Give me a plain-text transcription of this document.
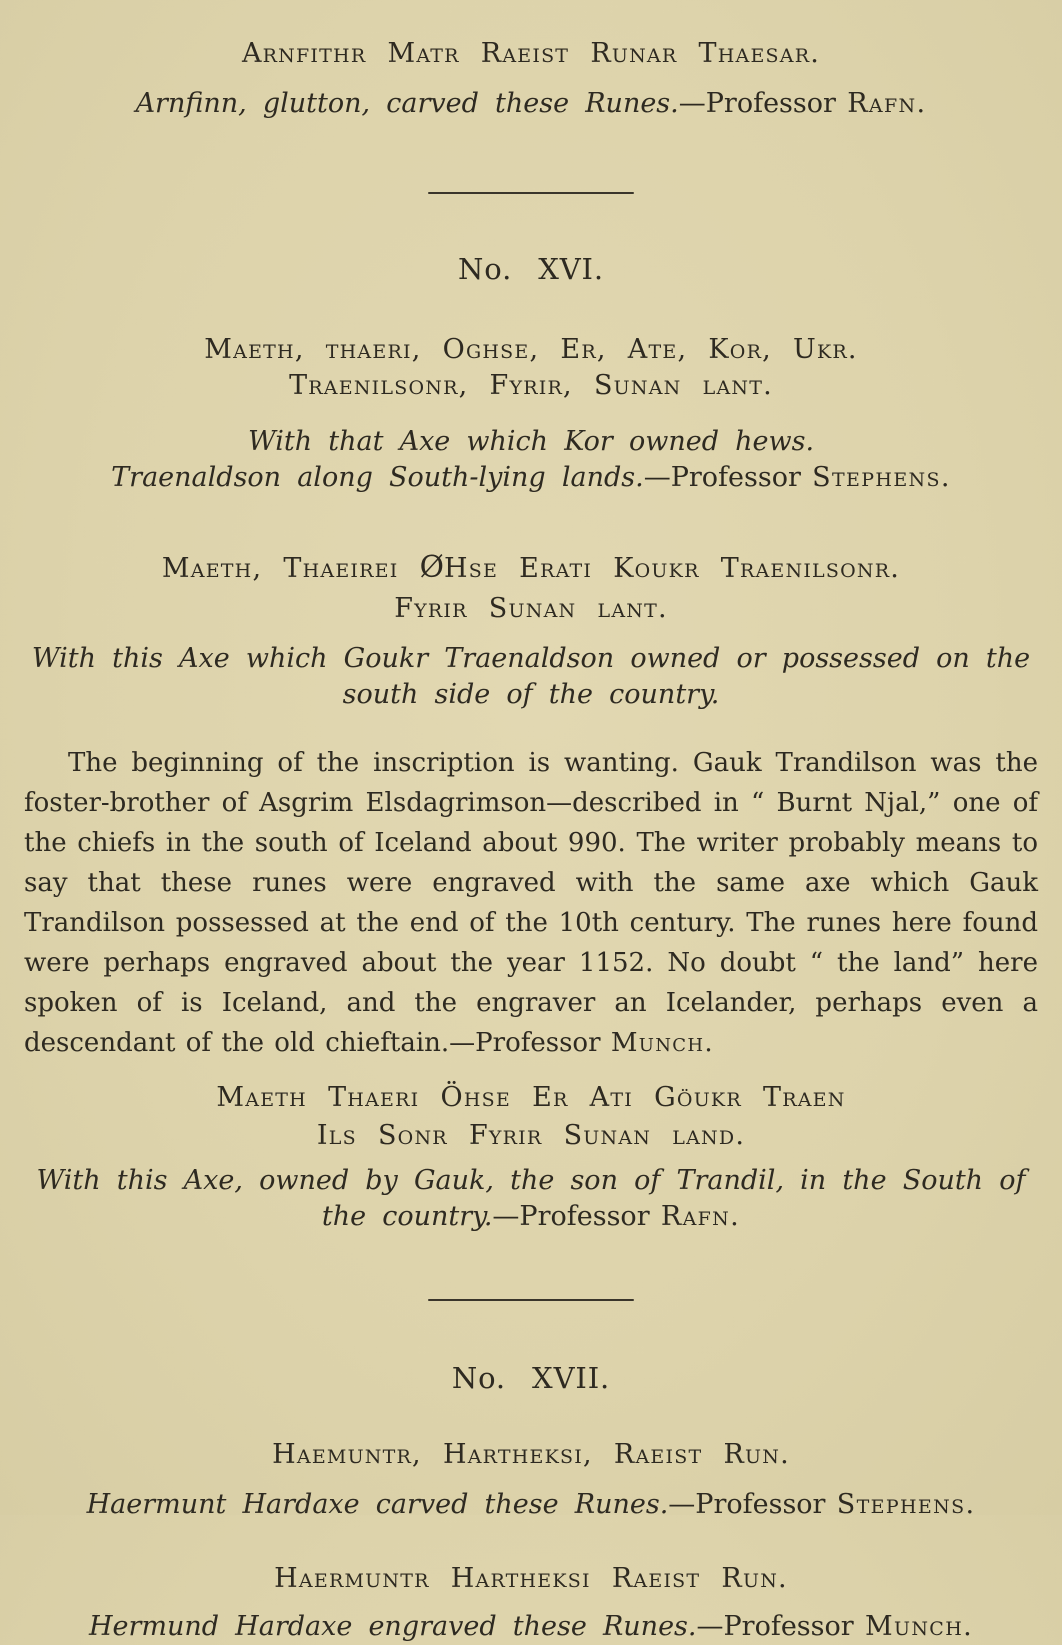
Arnfithr Matr Raeist Runar Thaesar.
Arnfinn, glutton, carved these Runes.—Professor Rafn.
No. XVI.
Maeth, thaeri, Oghse, Er, Ate, Kor, Ukr.
Traenilsonr, Fyrir, Sunan lant.
With that Axe which Kor owned hews.
Traenaldson along South-lying lands.—Professor Stephens.
Maeth, Thaeirei ØHse Erati Koukr Traenilsonr.
Fyrir Sunan lant.
With this Axe which Goukr Traenaldson owned or possessed on the south side of the country.

The beginning of the inscription is wanting. Gauk Trandilson was the foster-brother of Asgrim Elsdagrimson—described in “ Burnt Njal,” one of the chiefs in the south of Iceland about 990. The writer probably means to say that these runes were engraved with the same axe which Gauk Trandilson possessed at the end of the 10th century. The runes here found were perhaps engraved about the year 1152. No doubt “ the land” here spoken of is Iceland, and the engraver an Icelander, perhaps even a descendant of the old chieftain.—Professor Munch.

Maeth Thaeri Öhse Er Ati Göukr Traen
Ils Sonr Fyrir Sunan land.
With this Axe, owned by Gauk, the son of Trandil, in the South of the country.—Professor Rafn.
No. XVII.
Haemuntr, Hartheksi, Raeist Run.
Haermunt Hardaxe carved these Runes.—Professor Stephens.
Haermuntr Hartheksi Raeist Run.
Hermund Hardaxe engraved these Runes.—Professor Munch.
